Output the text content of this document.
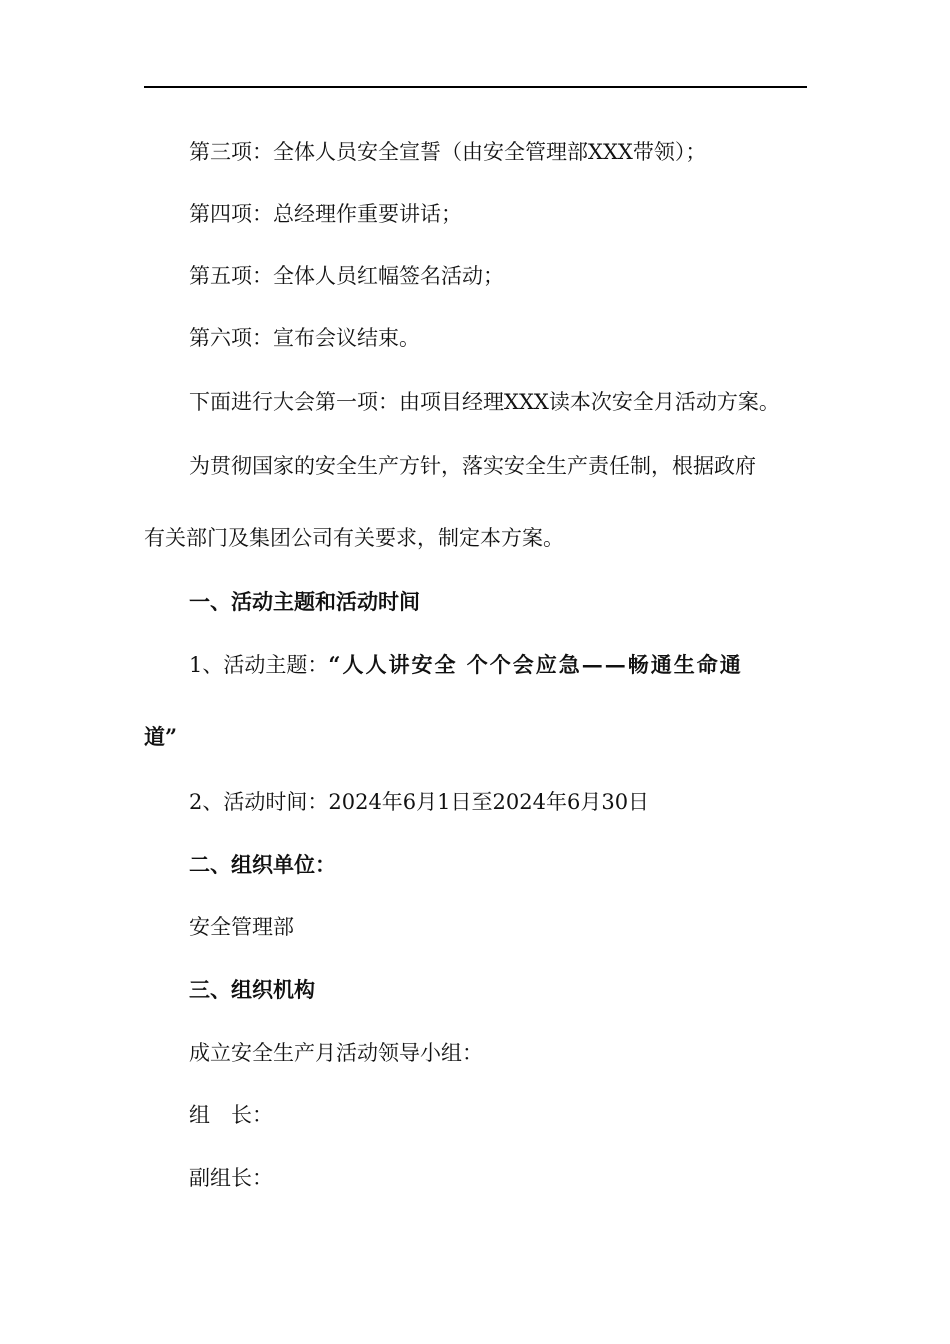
第三项：全体人员安全宣誓（由安全管理部XXX带领）；

第四项：总经理作重要讲话；

第五项：全体人员红幅签名活动；

第六项：宣布会议结束。

下面进行大会第一项：由项目经理XXX读本次安全月活动方案。

为贯彻国家的安全生产方针，落实安全生产责任制，根据政府

有关部门及集团公司有关要求，制定本方案。

一、活动主题和活动时间

1、活动主题：“人人讲安全 个个会应急——畅通生命通

道”

2、活动时间：2024年6月1日至2024年6月30日

二、组织单位：

安全管理部

三、组织机构

成立安全生产月活动领导小组：

组　长：

副组长：
